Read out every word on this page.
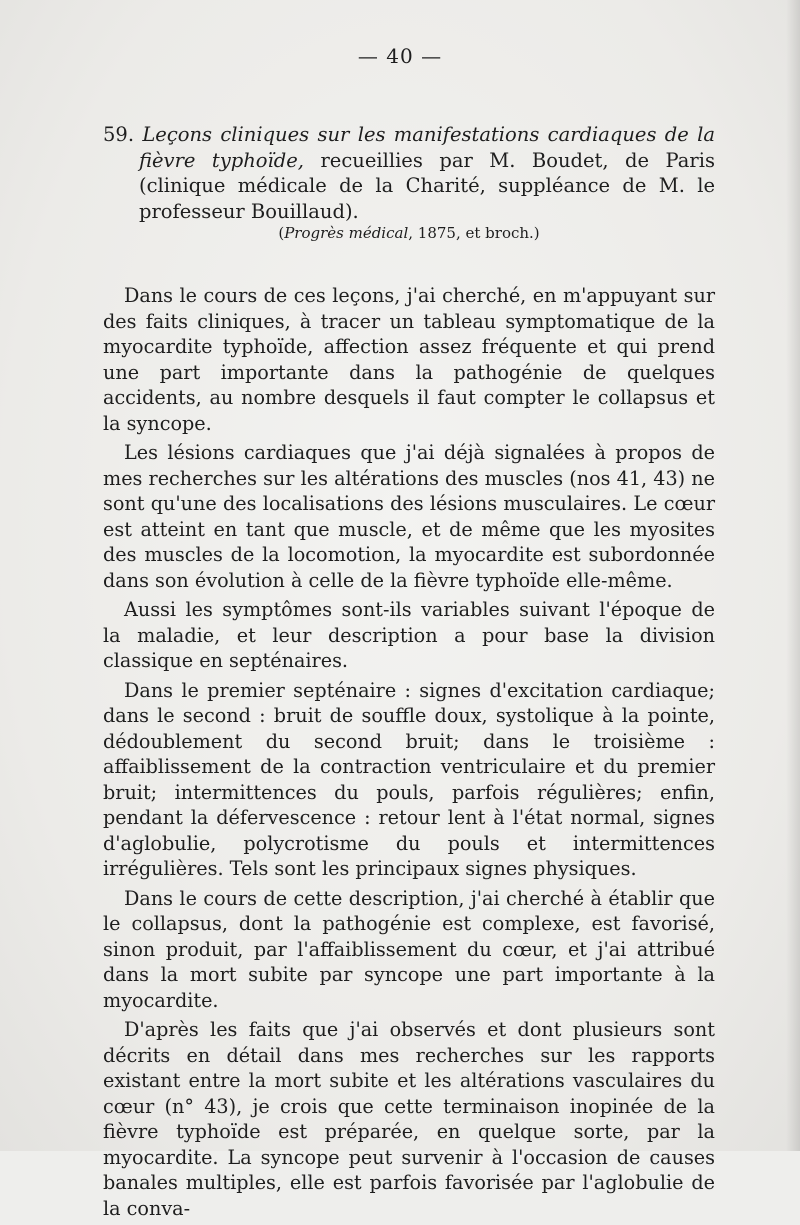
— 40 —
59. Leçons cliniques sur les manifestations cardiaques de la fièvre typhoïde, recueillies par M. Boudet, de Paris (clinique médicale de la Charité, suppléance de M. le professeur Bouillaud).
(Progrès médical, 1875, et broch.)

Dans le cours de ces leçons, j'ai cherché, en m'appuyant sur des faits cliniques, à tracer un tableau symptomatique de la myocardite typhoïde, affection assez fréquente et qui prend une part importante dans la pathogénie de quelques accidents, au nombre desquels il faut compter le collapsus et la syncope.

Les lésions cardiaques que j'ai déjà signalées à propos de mes recherches sur les altérations des muscles (nos 41, 43) ne sont qu'une des localisations des lésions musculaires. Le cœur est atteint en tant que muscle, et de même que les myosites des muscles de la locomotion, la myocardite est subordonnée dans son évolution à celle de la fièvre typhoïde elle-même.

Aussi les symptômes sont-ils variables suivant l'époque de la maladie, et leur description a pour base la division classique en septénaires.

Dans le premier septénaire : signes d'excitation cardiaque; dans le second : bruit de souffle doux, systolique à la pointe, dédoublement du second bruit; dans le troisième : affaiblissement de la contraction ventriculaire et du premier bruit; intermittences du pouls, parfois régulières; enfin, pendant la défervescence : retour lent à l'état normal, signes d'aglobulie, polycrotisme du pouls et intermittences irrégulières. Tels sont les principaux signes physiques.

Dans le cours de cette description, j'ai cherché à établir que le collapsus, dont la pathogénie est complexe, est favorisé, sinon produit, par l'affaiblissement du cœur, et j'ai attribué dans la mort subite par syncope une part importante à la myocardite.

D'après les faits que j'ai observés et dont plusieurs sont décrits en détail dans mes recherches sur les rapports existant entre la mort subite et les altérations vasculaires du cœur (n° 43), je crois que cette terminaison inopinée de la fièvre typhoïde est préparée, en quelque sorte, par la myocardite. La syncope peut survenir à l'occasion de causes banales multiples, elle est parfois favorisée par l'aglobulie de la conva-
